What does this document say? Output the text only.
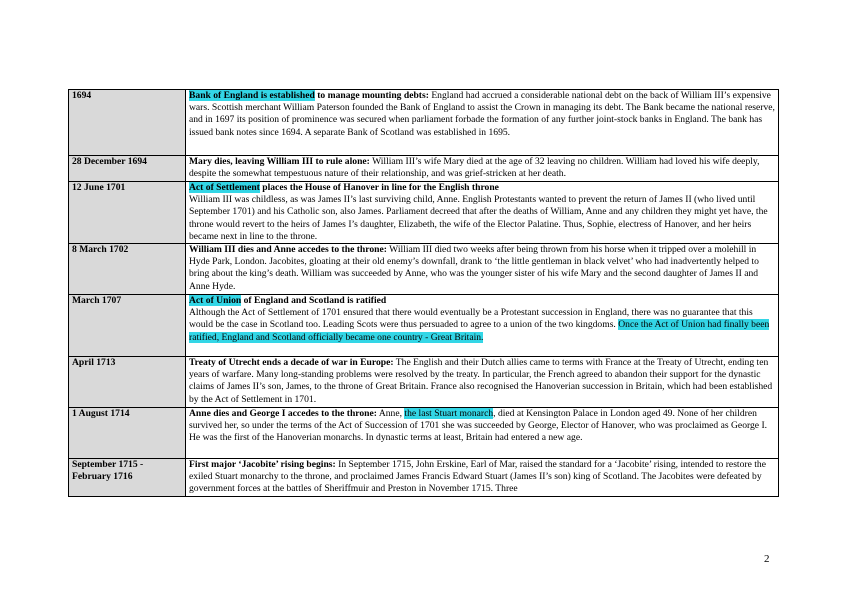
1694	Bank of England is established to manage mounting debts: England had accrued a considerable national debt on the back of William III’s expensive wars. Scottish merchant William Paterson founded the Bank of England to assist the Crown in managing its debt. The Bank became the national reserve, and in 1697 its position of prominence was secured when parliament forbade the formation of any further joint-stock banks in England. The bank has issued bank notes since 1694. A separate Bank of Scotland was established in 1695.
28 December 1694	Mary dies, leaving William III to rule alone: William III’s wife Mary died at the age of 32 leaving no children. William had loved his wife deeply, despite the somewhat tempestuous nature of their relationship, and was grief-stricken at her death.
12 June 1701	Act of Settlement places the House of Hanover in line for the English throne
William III was childless, as was James II’s last surviving child, Anne. English Protestants wanted to prevent the return of James II (who lived until September 1701) and his Catholic son, also James. Parliament decreed that after the deaths of William, Anne and any children they might yet have, the throne would revert to the heirs of James I’s daughter, Elizabeth, the wife of the Elector Palatine. Thus, Sophie, electress of Hanover, and her heirs became next in line to the throne.
8 March 1702	William III dies and Anne accedes to the throne: William III died two weeks after being thrown from his horse when it tripped over a molehill in Hyde Park, London. Jacobites, gloating at their old enemy’s downfall, drank to ‘the little gentleman in black velvet’ who had inadvertently helped to bring about the king’s death. William was succeeded by Anne, who was the younger sister of his wife Mary and the second daughter of James II and Anne Hyde.
March 1707	Act of Union of England and Scotland is ratified
Although the Act of Settlement of 1701 ensured that there would eventually be a Protestant succession in England, there was no guarantee that this would be the case in Scotland too. Leading Scots were thus persuaded to agree to a union of the two kingdoms. Once the Act of Union had finally been ratified, England and Scotland officially became one country - Great Britain.
April 1713	Treaty of Utrecht ends a decade of war in Europe: The English and their Dutch allies came to terms with France at the Treaty of Utrecht, ending ten years of warfare. Many long-standing problems were resolved by the treaty. In particular, the French agreed to abandon their support for the dynastic claims of James II’s son, James, to the throne of Great Britain. France also recognised the Hanoverian succession in Britain, which had been established by the Act of Settlement in 1701.
1 August 1714	Anne dies and George I accedes to the throne: Anne, the last Stuart monarch, died at Kensington Palace in London aged 49. None of her children survived her, so under the terms of the Act of Succession of 1701 she was succeeded by George, Elector of Hanover, who was proclaimed as George I. He was the first of the Hanoverian monarchs. In dynastic terms at least, Britain had entered a new age.
September 1715 - February 1716	First major ‘Jacobite’ rising begins: In September 1715, John Erskine, Earl of Mar, raised the standard for a ‘Jacobite’ rising, intended to restore the exiled Stuart monarchy to the throne, and proclaimed James Francis Edward Stuart (James II’s son) king of Scotland. The Jacobites were defeated by government forces at the battles of Sheriffmuir and Preston in November 1715. Three
2
